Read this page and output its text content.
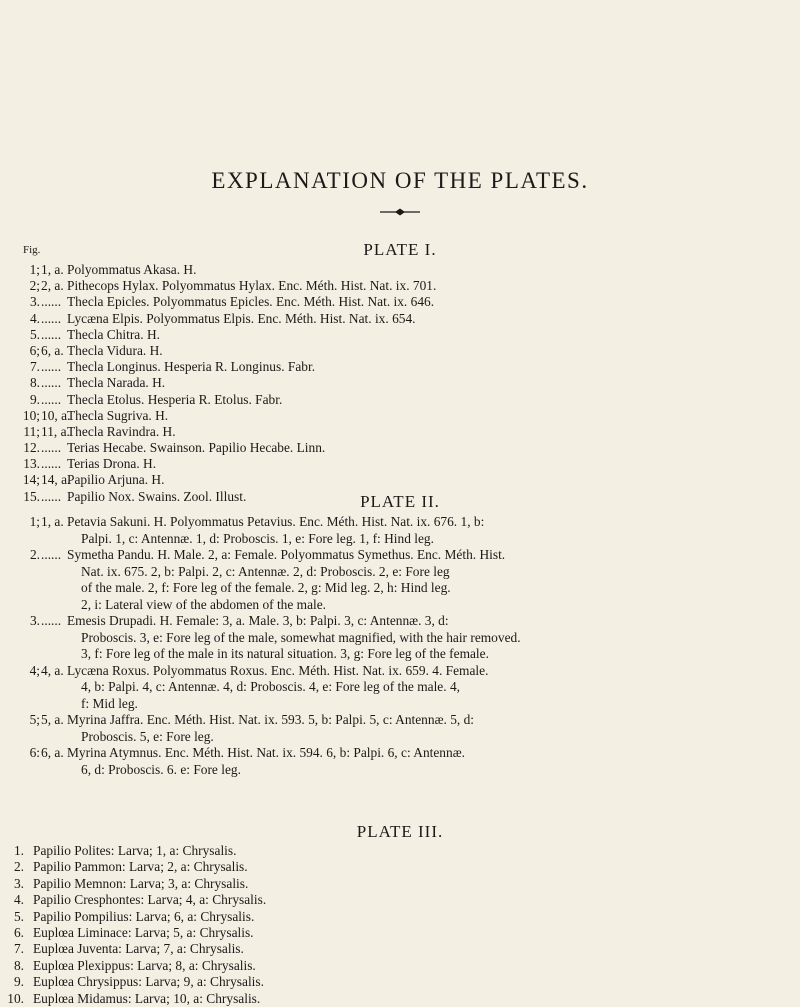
EXPLANATION OF THE PLATES.
Fig.	PLATE I.
1; 1, a. Polyommatus Akasa. H.
2; 2, a. Pithecops Hylax. Polyommatus Hylax. Enc. Méth. Hist. Nat. ix. 701.
3. ...... Thecla Epicles. Polyommatus Epicles. Enc. Méth. Hist. Nat. ix. 646.
4. ...... Lycæna Elpis. Polyommatus Elpis. Enc. Méth. Hist. Nat. ix. 654.
5. ...... Thecla Chitra. H.
6; 6, a. Thecla Vidura. H.
7. ...... Thecla Longinus. Hesperia R. Longinus. Fabr.
8. ...... Thecla Narada. H.
9. ...... Thecla Etolus. Hesperia R. Etolus. Fabr.
10; 10, a.
Thecla Sugriva. H.
11; 11, a.
Thecla Ravindra. H.
12. ...... Terias Hecabe. Swainson. Papilio Hecabe. Linn.
13. ...... Terias Drona. H.
14; 14, a.
Papilio Arjuna. H.
15. ...... Papilio Nox. Swains. Zool. Illust.	PLATE II.
1; 1, a. Petavia Sakuni. H. Polyommatus Petavius. Enc. Méth. Hist. Nat. ix. 676. 1, b:
Palpi. 1, c: Antennæ. 1, d: Proboscis. 1, e: Fore leg. 1, f: Hind leg.
2. ...... Symetha Pandu. H. Male. 2, a: Female. Polyommatus Symethus. Enc. Méth. Hist.
Nat. ix. 675. 2, b: Palpi. 2, c: Antennæ. 2, d: Proboscis. 2, e: Fore leg
of the male. 2, f: Fore leg of the female. 2, g: Mid leg. 2, h: Hind leg.
2, i: Lateral view of the abdomen of the male.
3. ...... Emesis Drupadi. H. Female: 3, a. Male. 3, b: Palpi. 3, c: Antennæ. 3, d:
Proboscis. 3, e: Fore leg of the male, somewhat magnified, with the hair removed.
3, f: Fore leg of the male in its natural situation. 3, g: Fore leg of the female.
4; 4, a. Lycæna Roxus. Polyommatus Roxus. Enc. Méth. Hist. Nat. ix. 659. 4. Female.
4, b: Palpi. 4, c: Antennæ. 4, d: Proboscis. 4, e: Fore leg of the male. 4,
f: Mid leg.
5; 5, a. Myrina Jaffra. Enc. Méth. Hist. Nat. ix. 593. 5, b: Palpi. 5, c: Antennæ. 5, d:
Proboscis. 5, e: Fore leg.
6: 6, a. Myrina Atymnus. Enc. Méth. Hist. Nat. ix. 594. 6, b: Palpi. 6, c: Antennæ.
6, d: Proboscis. 6. e: Fore leg.
PLATE III.
1. Papilio Polites: Larva; 1, a: Chrysalis.
2. Papilio Pammon: Larva; 2, a: Chrysalis.
3. Papilio Memnon: Larva; 3, a: Chrysalis.
4. Papilio Cresphontes: Larva; 4, a: Chrysalis.
5. Papilio Pompilius: Larva; 6, a: Chrysalis.
6. Euplœa Liminace: Larva; 5, a: Chrysalis.
7. Euplœa Juventa: Larva; 7, a: Chrysalis.
8. Euplœa Plexippus: Larva; 8, a: Chrysalis.
9. Euplœa Chrysippus: Larva; 9, a: Chrysalis.
10. Euplœa Midamus: Larva; 10, a: Chrysalis.
